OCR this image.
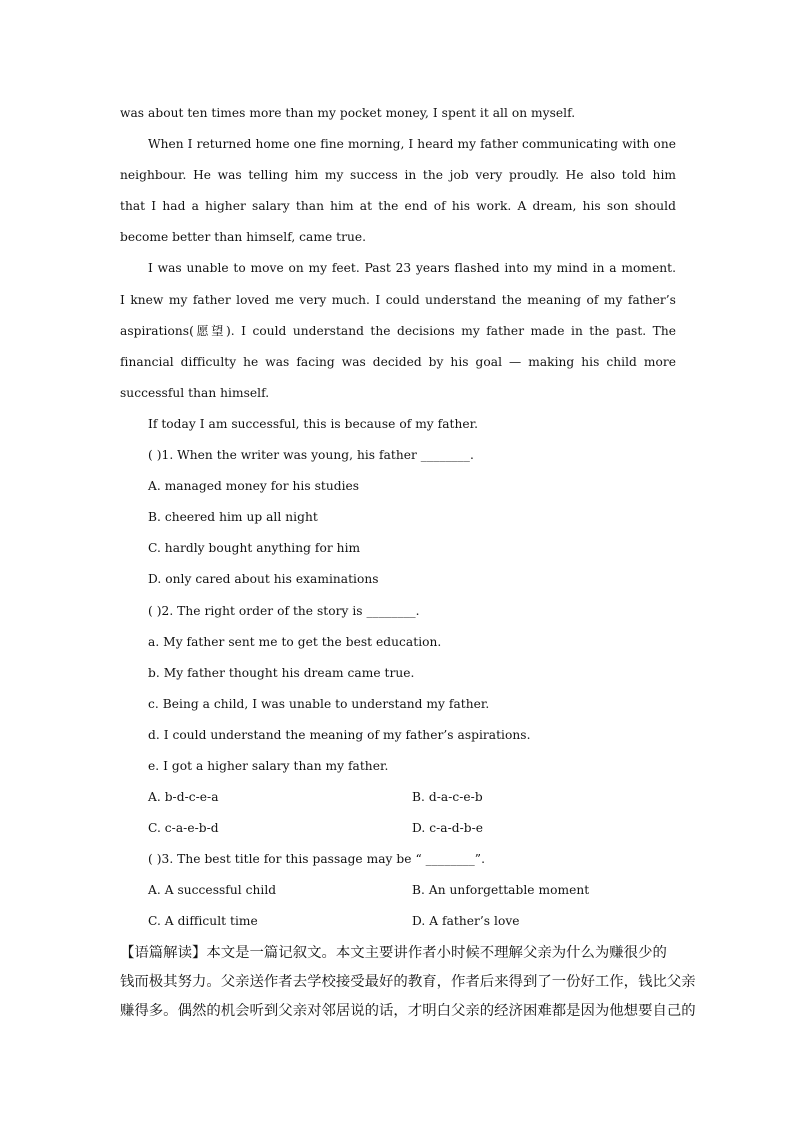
was about ten times more than my pocket money, I spent it all on myself.
When I returned home one fine morning, I heard my father communicating with one
neighbour. He was telling him my success in the job very proudly. He also told him
that I had a higher salary than him at the end of his work. A dream, his son should
become better than himself, came true.
I was unable to move on my feet. Past 23 years flashed into my mind in a moment.
I knew my father loved me very much. I could understand the meaning of my father’s
aspirations(愿望). I could understand the decisions my father made in the past. The
financial difficulty he was facing was decided by his goal — making his child more
successful than himself.
If today I am successful, this is because of my father.
( )1. When the writer was young, his father ________.
A. managed money for his studies
B. cheered him up all night
C. hardly bought anything for him
D. only cared about his examinations
( )2. The right order of the story is ________.
a. My father sent me to get the best education.
b. My father thought his dream came true.
c. Being a child, I was unable to understand my father.
d. I could understand the meaning of my father’s aspirations.
e. I got a higher salary than my father.
A. b-d-c-e-a	B. d-a-c-e-b
C. c-a-e-b-d	D. c-a-d-b-e
( )3. The best title for this passage may be “ ________”.
A. A successful child	B. An unforgettable moment
C. A difficult time	D. A father’s love
【语篇解读】本文是一篇记叙文。本文主要讲作者小时候不理解父亲为什么为赚很少的
钱而极其努力。父亲送作者去学校接受最好的教育，作者后来得到了一份好工作，钱比父亲
赚得多。偶然的机会听到父亲对邻居说的话，才明白父亲的经济困难都是因为他想要自己的
